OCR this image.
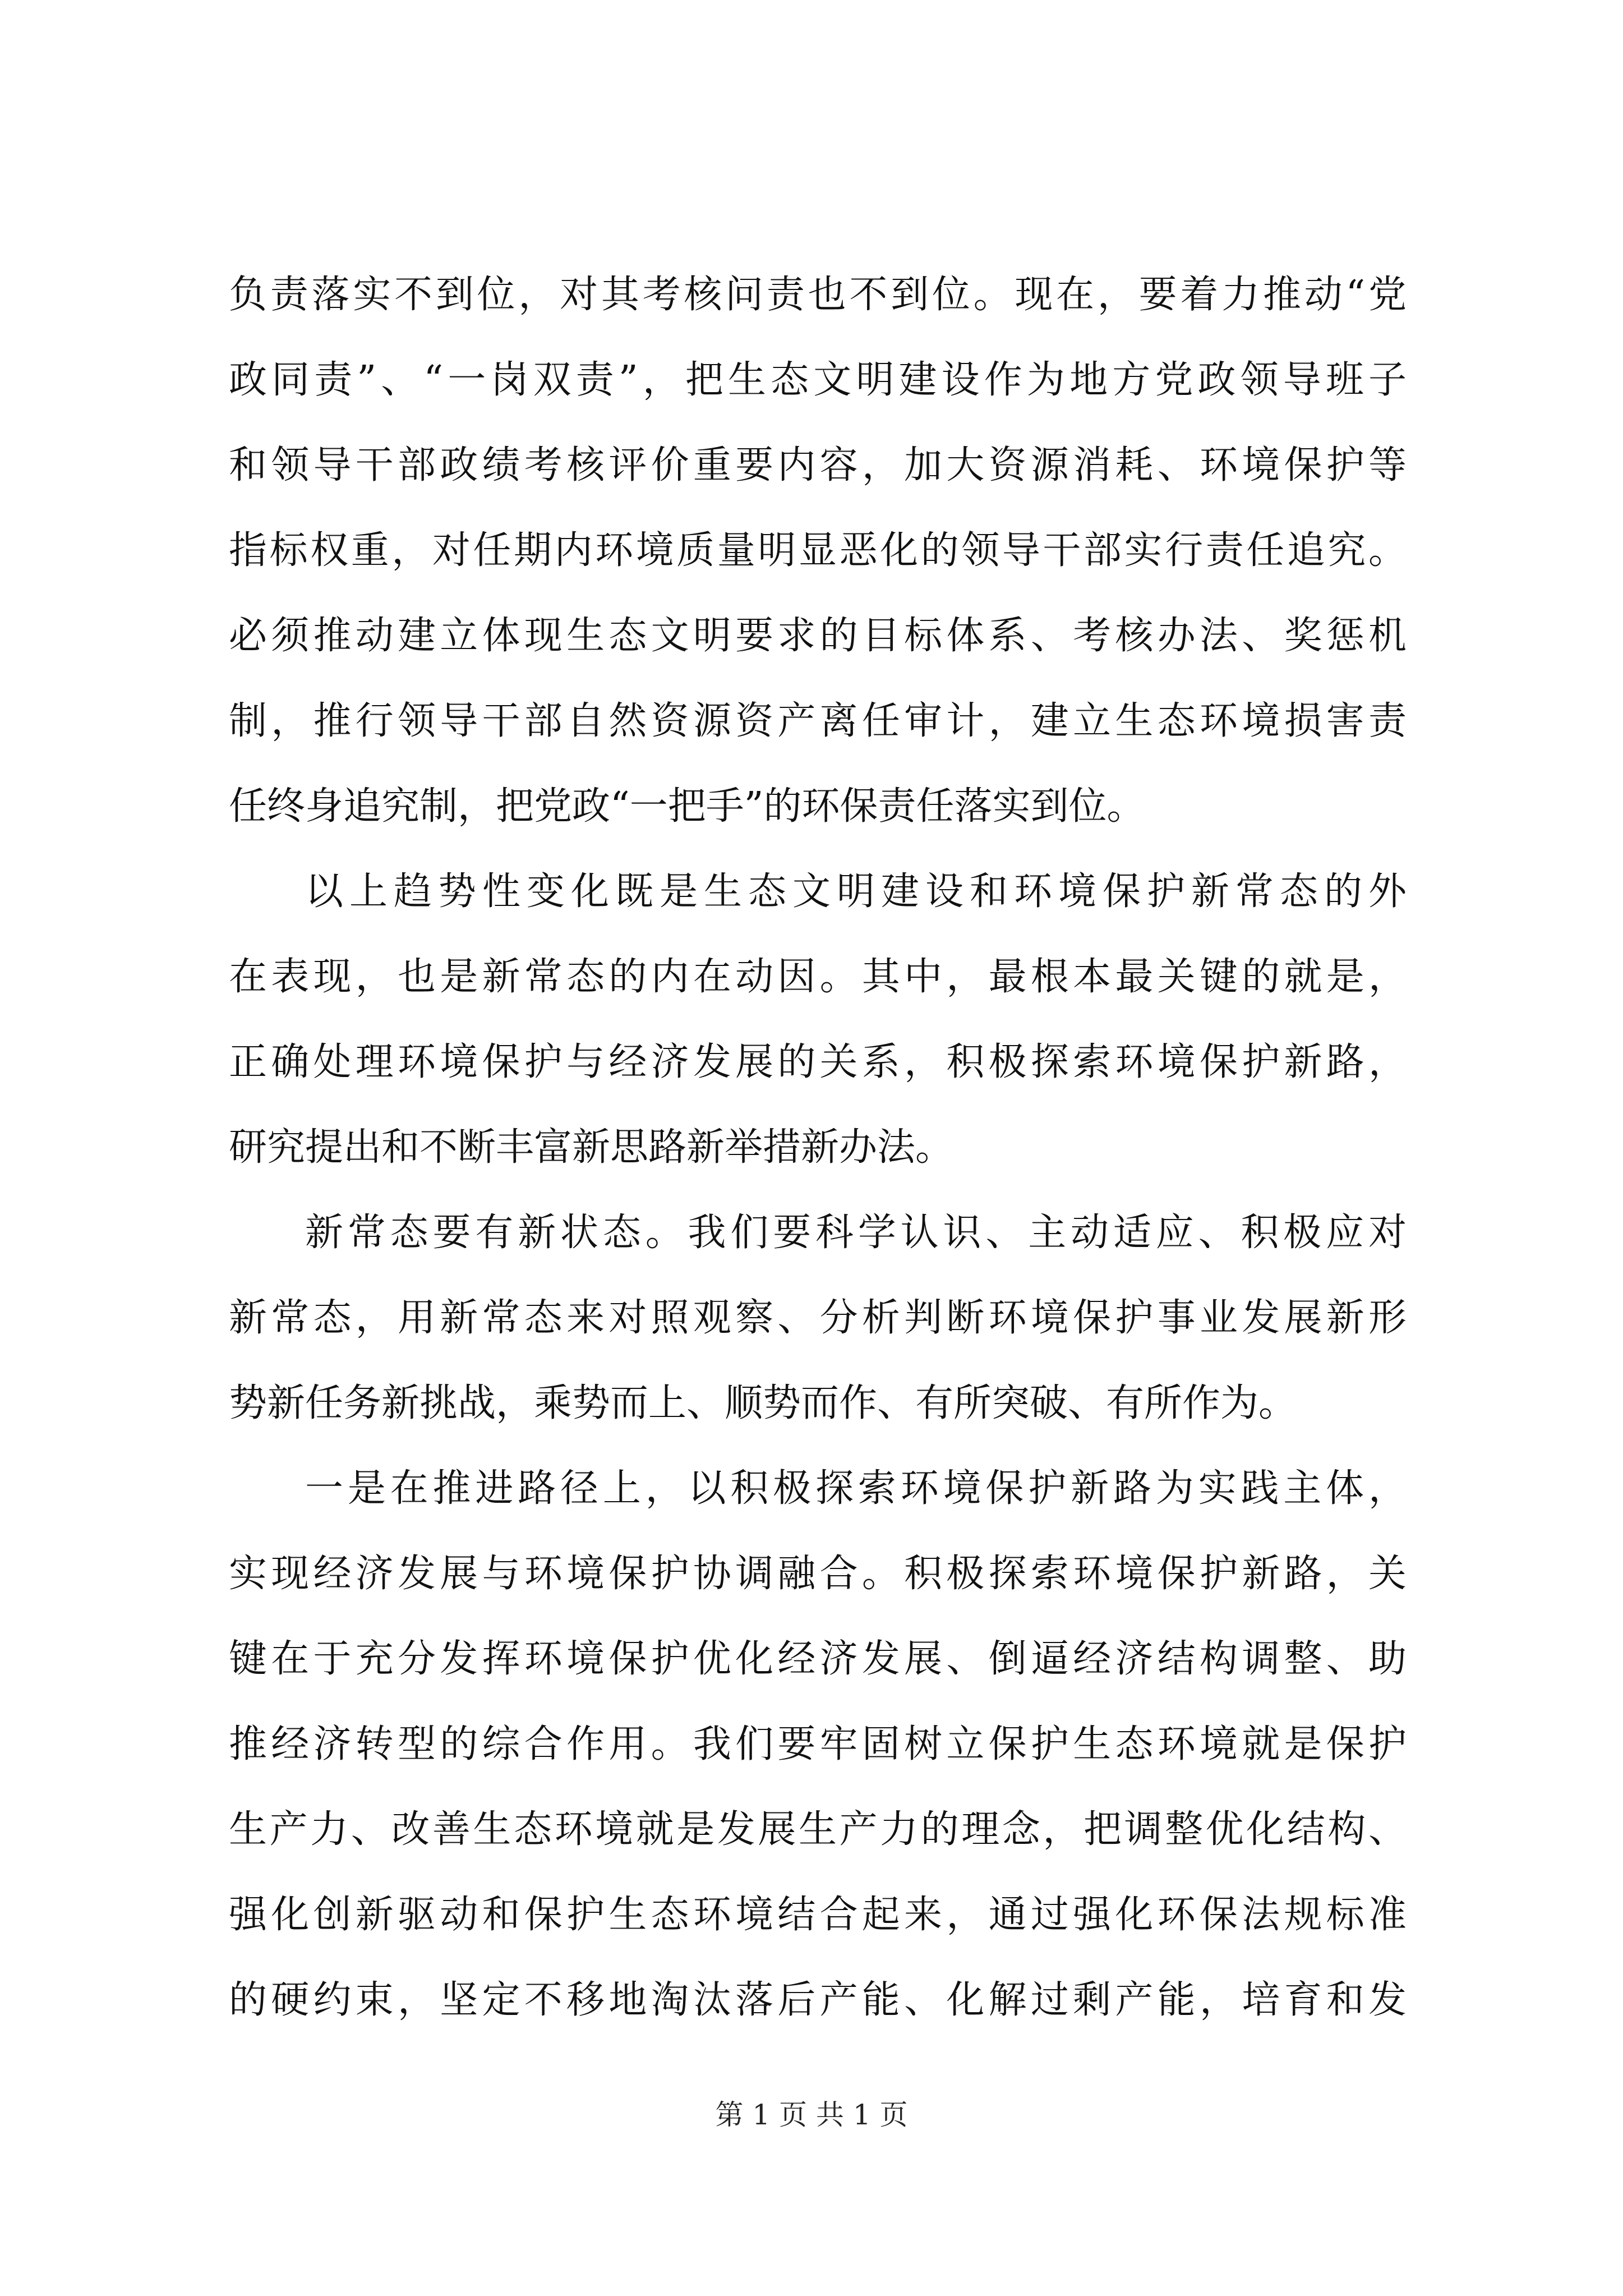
负责落实不到位，对其考核问责也不到位。现在，要着力推动“党
政同责”、“一岗双责”，把生态文明建设作为地方党政领导班子
和领导干部政绩考核评价重要内容，加大资源消耗、环境保护等
指标权重，对任期内环境质量明显恶化的领导干部实行责任追究。
必须推动建立体现生态文明要求的目标体系、考核办法、奖惩机
制，推行领导干部自然资源资产离任审计，建立生态环境损害责
任终身追究制，把党政“一把手”的环保责任落实到位。
以上趋势性变化既是生态文明建设和环境保护新常态的外
在表现，也是新常态的内在动因。其中，最根本最关键的就是，
正确处理环境保护与经济发展的关系，积极探索环境保护新路，
研究提出和不断丰富新思路新举措新办法。
新常态要有新状态。我们要科学认识、主动适应、积极应对
新常态，用新常态来对照观察、分析判断环境保护事业发展新形
势新任务新挑战，乘势而上、顺势而作、有所突破、有所作为。
一是在推进路径上，以积极探索环境保护新路为实践主体，
实现经济发展与环境保护协调融合。积极探索环境保护新路，关
键在于充分发挥环境保护优化经济发展、倒逼经济结构调整、助
推经济转型的综合作用。我们要牢固树立保护生态环境就是保护
生产力、改善生态环境就是发展生产力的理念，把调整优化结构、
强化创新驱动和保护生态环境结合起来，通过强化环保法规标准
的硬约束，坚定不移地淘汰落后产能、化解过剩产能，培育和发
第 1 页 共 1 页
